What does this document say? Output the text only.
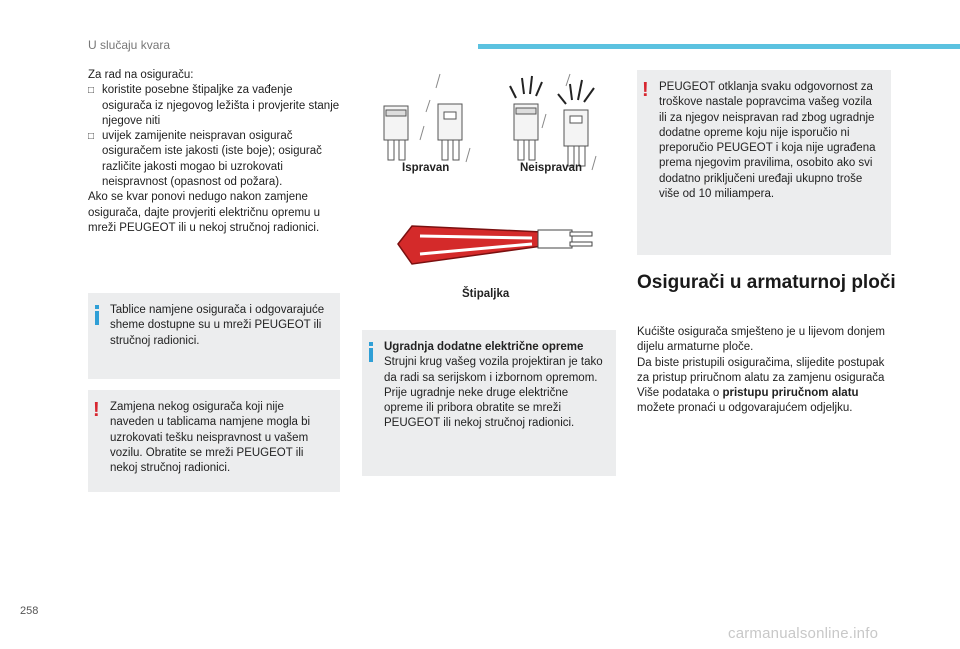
U slučaju kvara

Za rad na osiguraču:

□ koristite posebne štipaljke za vađenje osigurača iz njegovog ležišta i provjerite stanje njegove niti
□ uvijek zamijenite neispravan osigurač osiguračem iste jakosti (iste boje); osigurač različite jakosti mogao bi uzrokovati neispravnost (opasnost od požara).

Ako se kvar ponovi nedugo nakon zamjene osigurača, dajte provjeriti električnu opremu u mreži PEUGEOT ili u nekoj stručnoj radionici.

Tablice namjene osigurača i odgovarajuće sheme dostupne su u mreži PEUGEOT ili stručnoj radionici.

! Zamjena nekog osigurača koji nije naveden u tablicama namjene mogla bi uzrokovati tešku neispravnost u vašem vozilu. Obratite se mreži PEUGEOT ili nekoj stručnoj radionici.

Ispravan	Neispravan
Štipaljka

Ugradnja dodatne električne opreme

Strujni krug vašeg vozila projektiran je tako da radi sa serijskom i izbornom opremom.
Prije ugradnje neke druge električne opreme ili pribora obratite se mreži PEUGEOT ili nekoj stručnoj radionici.

! PEUGEOT otklanja svaku odgovornost za troškove nastale popravcima vašeg vozila ili za njegov neispravan rad zbog ugradnje dodatne opreme koju nije isporučio ni preporučio PEUGEOT i koja nije ugrađena prema njegovim pravilima, osobito ako svi dodatno priključeni uređaji ukupno troše više od 10 miliampera.

Osigurači u armaturnoj ploči

Kućište osigurača smješteno je u lijevom donjem dijelu armaturne ploče.

Da biste pristupili osiguračima, slijedite postupak za pristup priručnom alatu za zamjenu osigurača

Više podataka o pristupu priručnom alatu možete pronaći u odgovarajućem odjeljku.

258
carmanualsonline.info
